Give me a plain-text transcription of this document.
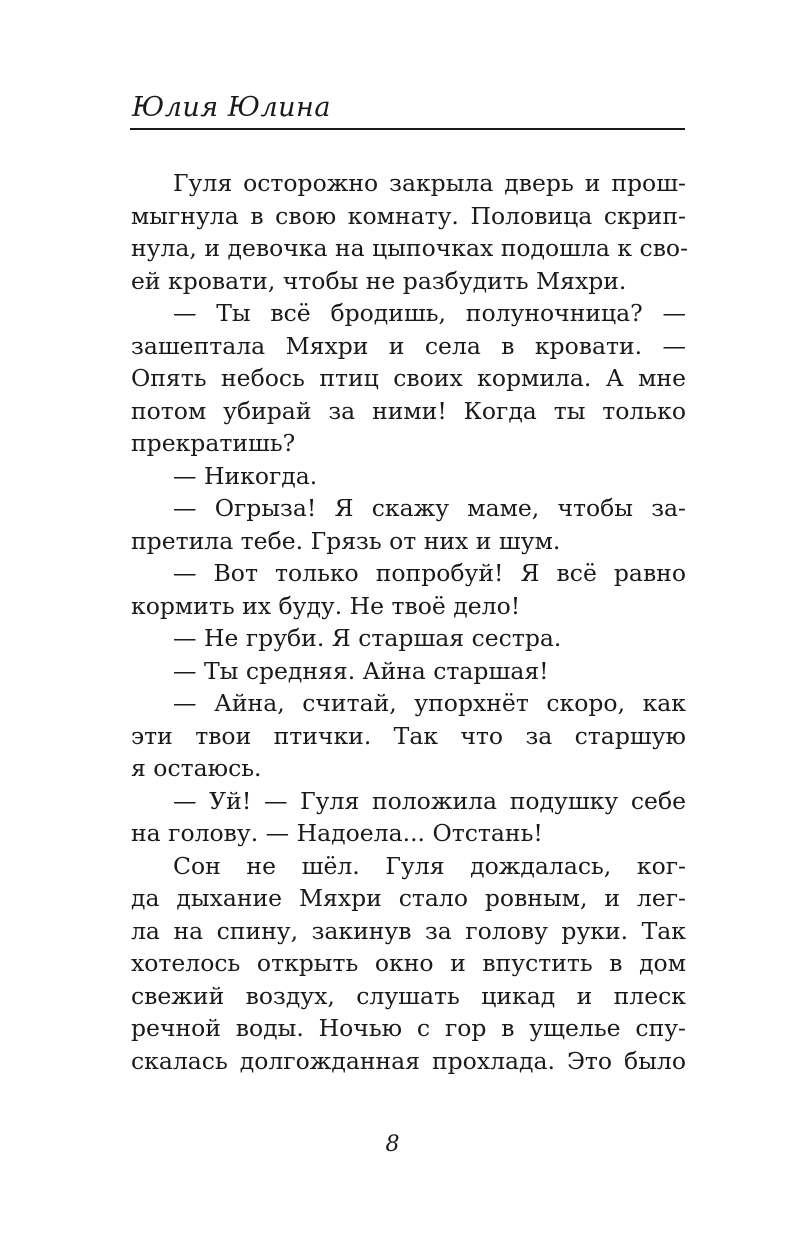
Юлия Юлина
Гуля осторожно закрыла дверь и прош-
мыгнула в свою комнату. Половица скрип-
нула, и девочка на цыпочках подошла к сво-
ей кровати, чтобы не разбудить Мяхри.
— Ты всё бродишь, полуночница? —
зашептала Мяхри и села в кровати. —
Опять небось птиц своих кормила. А мне
потом убирай за ними! Когда ты только
прекратишь?
— Никогда.
— Огрыза! Я скажу маме, чтобы за-
претила тебе. Грязь от них и шум.
— Вот только попробуй! Я всё равно
кормить их буду. Не твоё дело!
— Не груби. Я старшая сестра.
— Ты средняя. Айна старшая!
— Айна, считай, упорхнёт скоро, как
эти твои птички. Так что за старшую
я остаюсь.
— Уй! — Гуля положила подушку себе
на голову. — Надоела... Отстань!
Сон не шёл. Гуля дождалась, ког-
да дыхание Мяхри стало ровным, и лег-
ла на спину, закинув за голову руки. Так
хотелось открыть окно и впустить в дом
свежий воздух, слушать цикад и плеск
речной воды. Ночью с гор в ущелье спу-
скалась долгожданная прохлада. Это было
8
